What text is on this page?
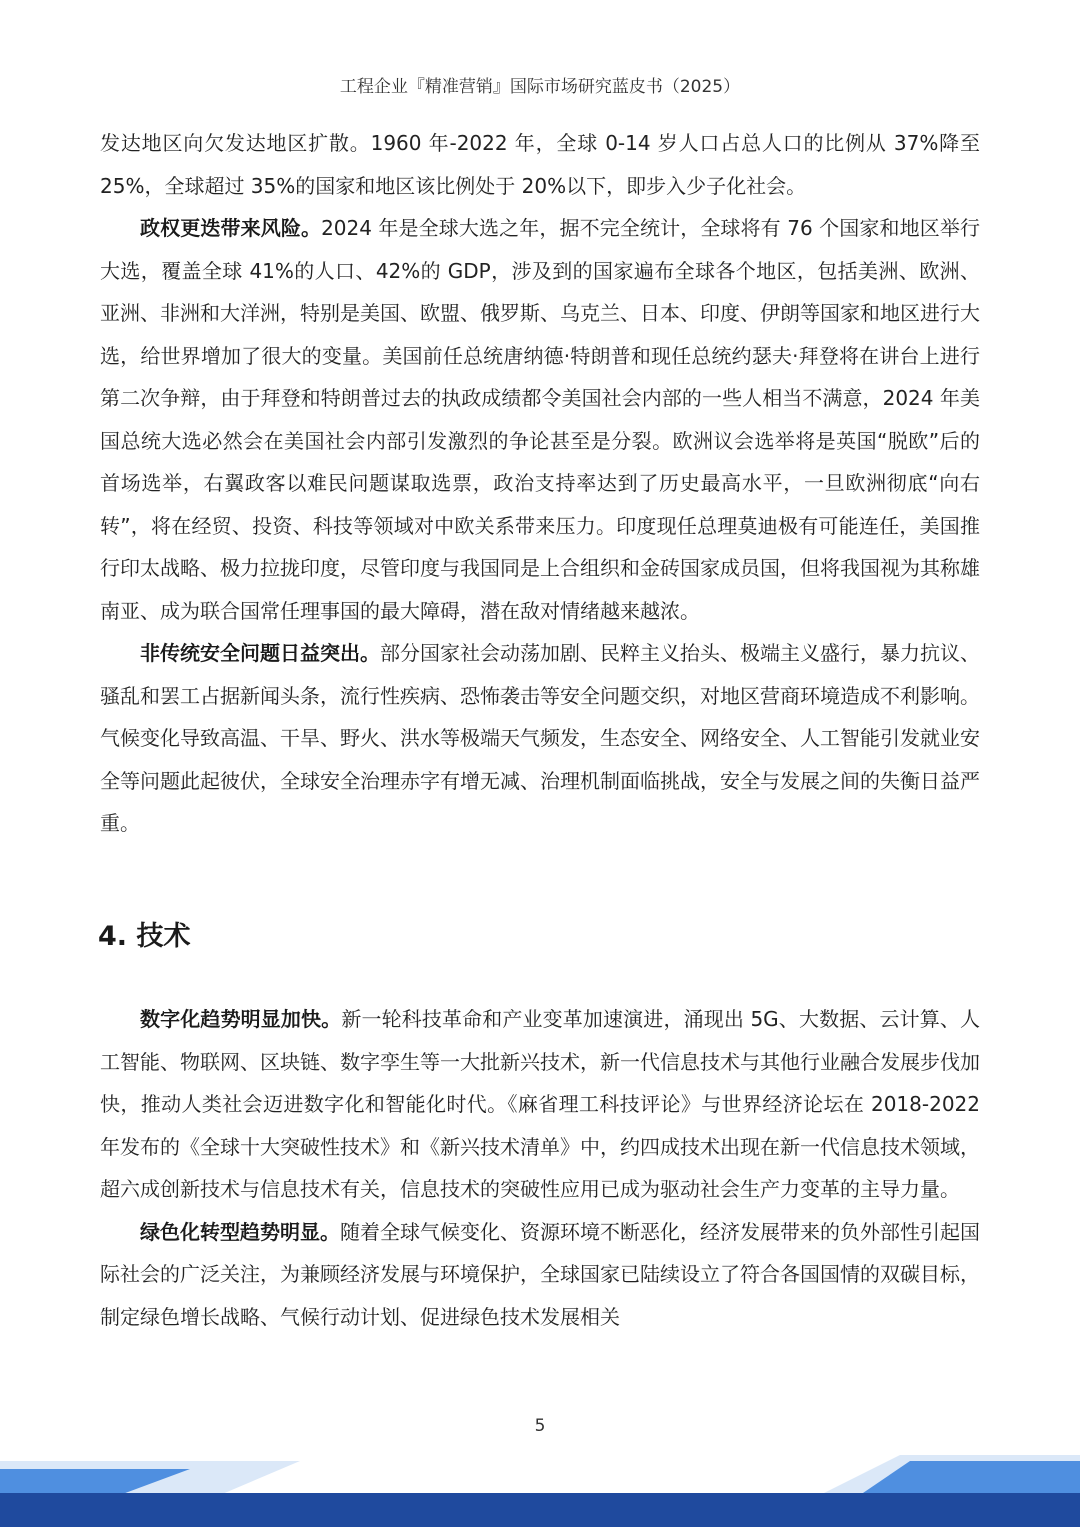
工程企业『精准营销』国际市场研究蓝皮书（2025）

发达地区向欠发达地区扩散。1960 年-2022 年，全球 0-14 岁人口占总人口的比例从 37%降至 25%，全球超过 35%的国家和地区该比例处于 20%以下，即步入少子化社会。

政权更迭带来风险。2024 年是全球大选之年，据不完全统计，全球将有 76 个国家和地区举行大选，覆盖全球 41%的人口、42%的 GDP，涉及到的国家遍布全球各个地区，包括美洲、欧洲、亚洲、非洲和大洋洲，特别是美国、欧盟、俄罗斯、乌克兰、日本、印度、伊朗等国家和地区进行大选，给世界增加了很大的变量。美国前任总统唐纳德·特朗普和现任总统约瑟夫·拜登将在讲台上进行第二次争辩，由于拜登和特朗普过去的执政成绩都令美国社会内部的一些人相当不满意，2024 年美国总统大选必然会在美国社会内部引发激烈的争论甚至是分裂。欧洲议会选举将是英国“脱欧”后的首场选举，右翼政客以难民问题谋取选票，政治支持率达到了历史最高水平，一旦欧洲彻底“向右转”，将在经贸、投资、科技等领域对中欧关系带来压力。印度现任总理莫迪极有可能连任，美国推行印太战略、极力拉拢印度，尽管印度与我国同是上合组织和金砖国家成员国，但将我国视为其称雄南亚、成为联合国常任理事国的最大障碍，潜在敌对情绪越来越浓。

非传统安全问题日益突出。部分国家社会动荡加剧、民粹主义抬头、极端主义盛行，暴力抗议、骚乱和罢工占据新闻头条，流行性疾病、恐怖袭击等安全问题交织，对地区营商环境造成不利影响。气候变化导致高温、干旱、野火、洪水等极端天气频发，生态安全、网络安全、人工智能引发就业安全等问题此起彼伏，全球安全治理赤字有增无减、治理机制面临挑战，安全与发展之间的失衡日益严重。

4. 技术

数字化趋势明显加快。新一轮科技革命和产业变革加速演进，涌现出 5G、大数据、云计算、人工智能、物联网、区块链、数字孪生等一大批新兴技术，新一代信息技术与其他行业融合发展步伐加快，推动人类社会迈进数字化和智能化时代。《麻省理工科技评论》与世界经济论坛在 2018-2022 年发布的《全球十大突破性技术》和《新兴技术清单》中，约四成技术出现在新一代信息技术领域，超六成创新技术与信息技术有关，信息技术的突破性应用已成为驱动社会生产力变革的主导力量。

绿色化转型趋势明显。随着全球气候变化、资源环境不断恶化，经济发展带来的负外部性引起国际社会的广泛关注，为兼顾经济发展与环境保护，全球国家已陆续设立了符合各国国情的双碳目标，制定绿色增长战略、气候行动计划、促进绿色技术发展相关

5
